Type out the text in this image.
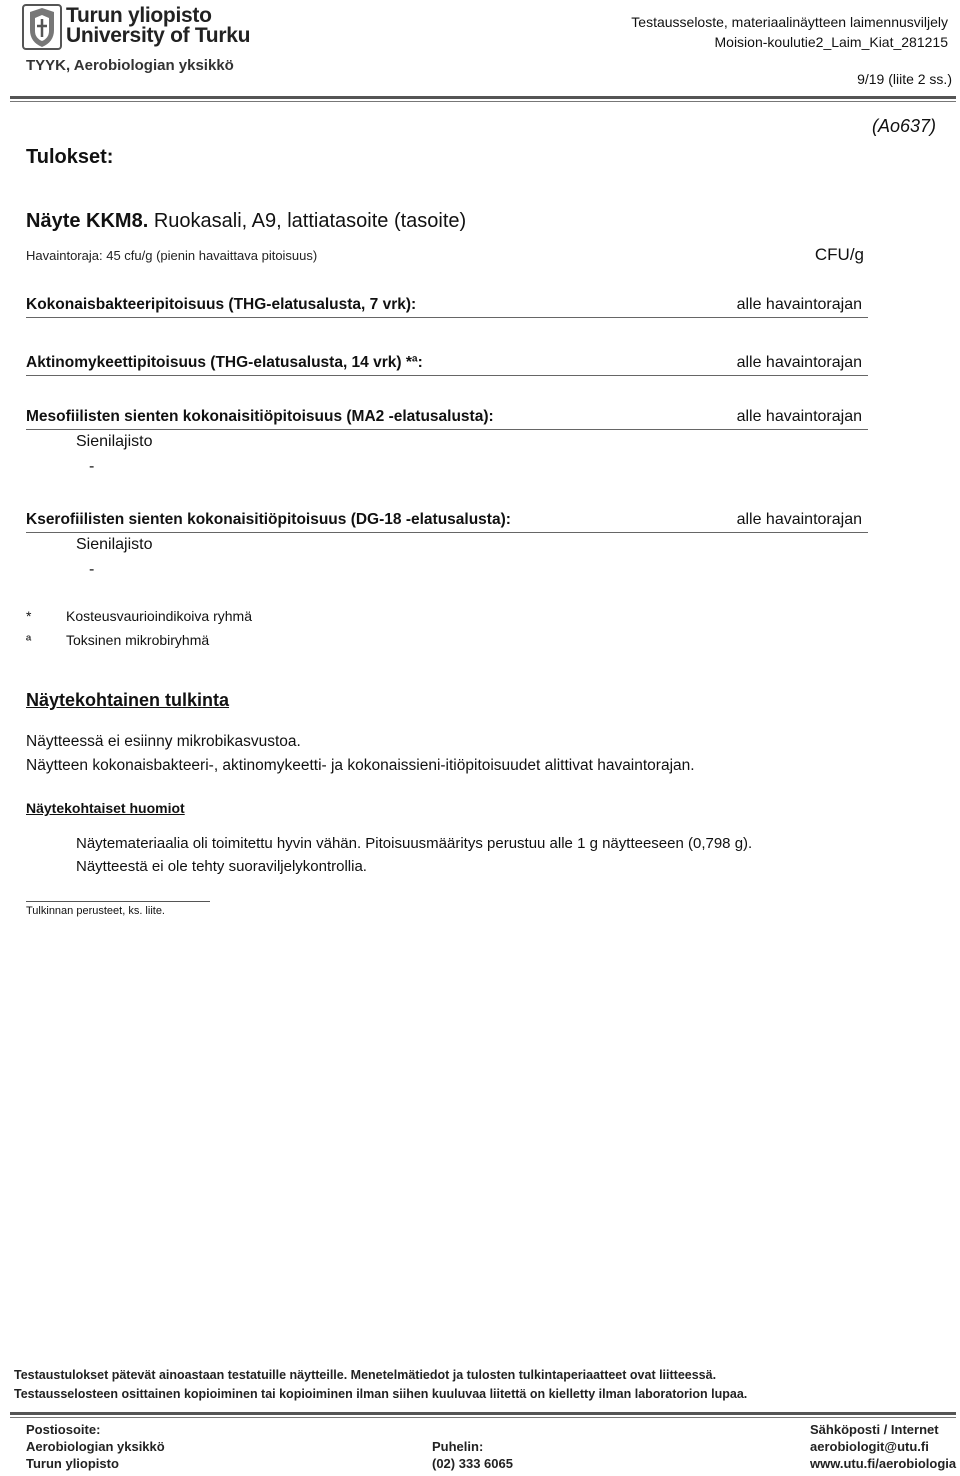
Turun yliopisto
University of Turku
TYYK, Aerobiologian yksikkö
Testausseloste, materiaalinäytteen laimennusviljely
Moision-koulutie2_Laim_Kiat_281215
9/19 (liite 2 ss.)
(Ao637)
Tulokset:
Näyte KKM8. Ruokasali, A9, lattiatasoite (tasoite)
Havaintoraja: 45 cfu/g (pienin havaittava pitoisuus)	CFU/g
Kokonaisbakteeripitoisuus (THG-elatusalusta, 7 vrk):	alle havaintorajan
Aktinomykeettipitoisuus (THG-elatusalusta, 14 vrk) *ª:	alle havaintorajan
Mesofiilisten sienten kokonaisitiöpitoisuus (MA2 -elatusalusta):	alle havaintorajan
Sienilajisto
-
Kserofiilisten sienten kokonaisitiöpitoisuus (DG-18 -elatusalusta):	alle havaintorajan
Sienilajisto
-
* Kosteusvaurioindikoiva ryhmä
ª Toksinen mikrobiryhmä
Näytekohtainen tulkinta
Näytteessä ei esiinny mikrobikasvustoa.
Näytteen kokonaisbakteeri-, aktinomykeetti- ja kokonaissieni-itiöpitoisuudet alittivat havaintorajan.
Näytekohtaiset huomiot
Näytemateriaalia oli toimitettu hyvin vähän. Pitoisuusmääritys perustuu alle 1 g näytteeseen (0,798 g).
Näytteestä ei ole tehty suoraviljelykontrollia.
Tulkinnan perusteet, ks. liite.
Testaustulokset pätevät ainoastaan testatuille näytteille. Menetelmätiedot ja tulosten tulkintaperiaatteet ovat liitteessä.
Testausselosteen osittainen kopioiminen tai kopioiminen ilman siihen kuuluvaa liitettä on kielletty ilman laboratorion lupaa.
Postiosoite:
Aerobiologian yksikkö
Turun yliopisto
Puhelin:
(02) 333 6065
Sähköposti / Internet
aerobiologit@utu.fi
www.utu.fi/aerobiologia
